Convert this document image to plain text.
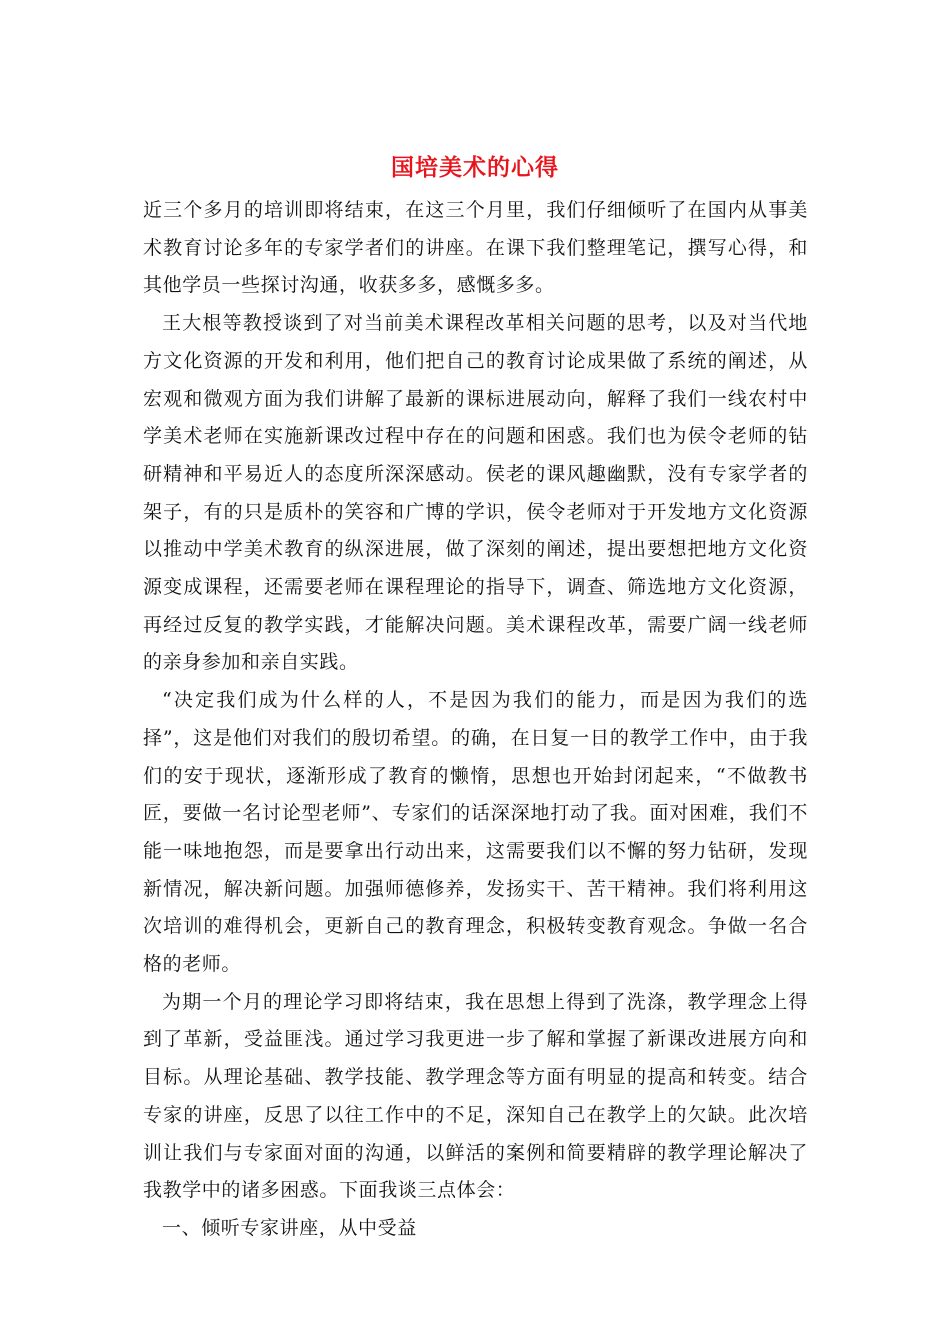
国培美术的心得

近三个多月的培训即将结束，在这三个月里，我们仔细倾听了在国内从事美术教育讨论多年的专家学者们的讲座。在课下我们整理笔记，撰写心得，和其他学员一些探讨沟通，收获多多，感慨多多。

王大根等教授谈到了对当前美术课程改革相关问题的思考，以及对当代地方文化资源的开发和利用，他们把自己的教育讨论成果做了系统的阐述，从宏观和微观方面为我们讲解了最新的课标进展动向，解释了我们一线农村中学美术老师在实施新课改过程中存在的问题和困惑。我们也为侯令老师的钻研精神和平易近人的态度所深深感动。侯老的课风趣幽默，没有专家学者的架子，有的只是质朴的笑容和广博的学识，侯令老师对于开发地方文化资源以推动中学美术教育的纵深进展，做了深刻的阐述，提出要想把地方文化资源变成课程，还需要老师在课程理论的指导下，调查、筛选地方文化资源，再经过反复的教学实践，才能解决问题。美术课程改革，需要广阔一线老师的亲身参加和亲自实践。

“决定我们成为什么样的人，不是因为我们的能力，而是因为我们的选择”，这是他们对我们的殷切希望。的确，在日复一日的教学工作中，由于我们的安于现状，逐渐形成了教育的懒惰，思想也开始封闭起来，“不做教书匠，要做一名讨论型老师”、专家们的话深深地打动了我。面对困难，我们不能一味地抱怨，而是要拿出行动出来，这需要我们以不懈的努力钻研，发现新情况，解决新问题。加强师德修养，发扬实干、苦干精神。我们将利用这次培训的难得机会，更新自己的教育理念，积极转变教育观念。争做一名合格的老师。

为期一个月的理论学习即将结束，我在思想上得到了洗涤，教学理念上得到了革新，受益匪浅。通过学习我更进一步了解和掌握了新课改进展方向和目标。从理论基础、教学技能、教学理念等方面有明显的提高和转变。结合专家的讲座，反思了以往工作中的不足，深知自己在教学上的欠缺。此次培训让我们与专家面对面的沟通，以鲜活的案例和简要精辟的教学理论解决了我教学中的诸多困惑。下面我谈三点体会：

一、倾听专家讲座，从中受益
